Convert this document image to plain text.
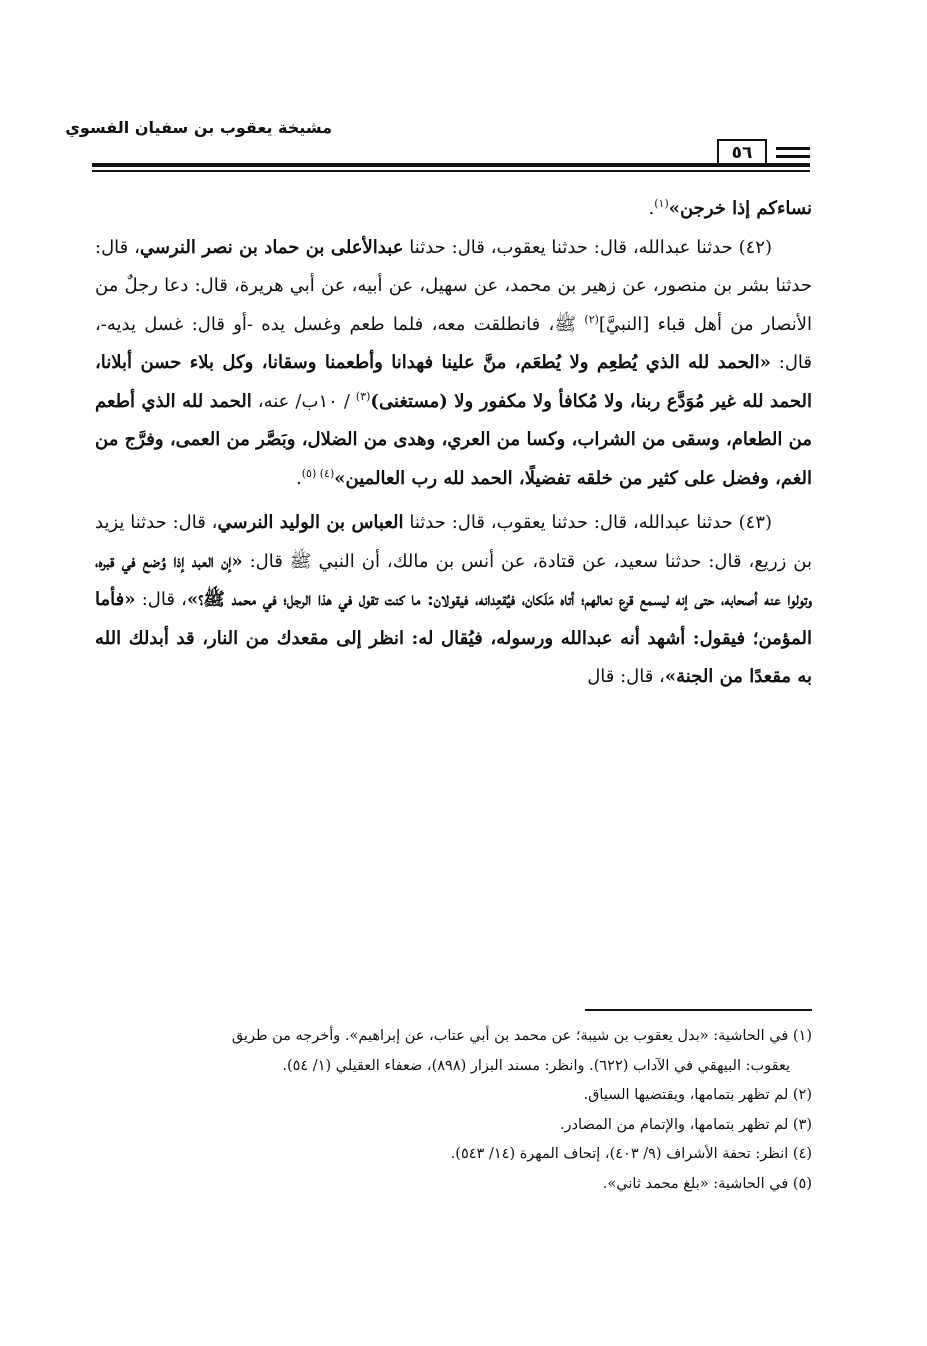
مشيخة يعقوب بن سفيان الفسوي
٥٦

نساءكم إذا خرجن»$^{(١)}$.

(٤٢) حدثنا عبدالله، قال: حدثنا يعقوب، قال: حدثنا عبدالأعلى بن حماد بن نصر النرسي، قال: حدثنا بشر بن منصور، عن زهير بن محمد، عن سهيل، عن أبيه، عن أبي هريرة، قال: دعا رجلٌ من الأنصار من أهل قباء [النبيَّ]$^{(٢)}$ ﷺ، فانطلقت معه، فلما طعم وغسل يده -أو قال: غسل يديه-، قال: «الحمد لله الذي يُطعِم ولا يُطعَم، منَّ علينا فهدانا وأطعمنا وسقانا، وكل بلاء حسن أبلانا، الحمد لله غير مُوَدَّع ربنا، ولا مُكافأ ولا مكفور ولا (مستغنى)$^{(٣)}$ / ١٠ب/ عنه، الحمد لله الذي أطعم من الطعام، وسقى من الشراب، وكسا من العري، وهدى من الضلال، وبَصَّر من العمى، وفرَّج من الغم، وفضل على كثير من خلقه تفضيلًا، الحمد لله رب العالمين»$^{(٤) (٥)}$.

(٤٣) حدثنا عبدالله، قال: حدثنا يعقوب، قال: حدثنا العباس بن الوليد النرسي، قال: حدثنا يزيد بن زريع، قال: حدثنا سعيد، عن قتادة، عن أنس بن مالك، أن النبي ﷺ قال: «إن العبد إذا وُضع في قبره، وتولوا عنه أصحابه، حتى إنه ليسمع قرع نعالهم؛ أتاه مَلَكان، فيُقعِدانه، فيقولان: ما كنت تقول في هذا الرجل؛ في محمد ﷺ؟»، قال: «فأما المؤمن؛ فيقول: أشهد أنه عبدالله ورسوله، فيُقال له: انظر إلى مقعدك من النار، قد أبدلك الله به مقعدًا من الجنة»، قال: قال

(١) في الحاشية: «بدل يعقوب بن شيبة؛ عن محمد بن أبي عتاب، عن إبراهيم». وأخرجه من طريق

يعقوب: البيهقي في الآداب (٦٢٢). وانظر: مسند البزار (٨٩٨)، ضعفاء العقيلي (١/ ٥٤).

(٢) لم تظهر بتمامها، ويقتضيها السياق.

(٣) لم تظهر بتمامها، والإتمام من المصادر.

(٤) انظر: تحفة الأشراف (٩/ ٤٠٣)، إتحاف المهرة (١٤/ ٥٤٣).

(٥) في الحاشية: «بلغ محمد ثاني».
